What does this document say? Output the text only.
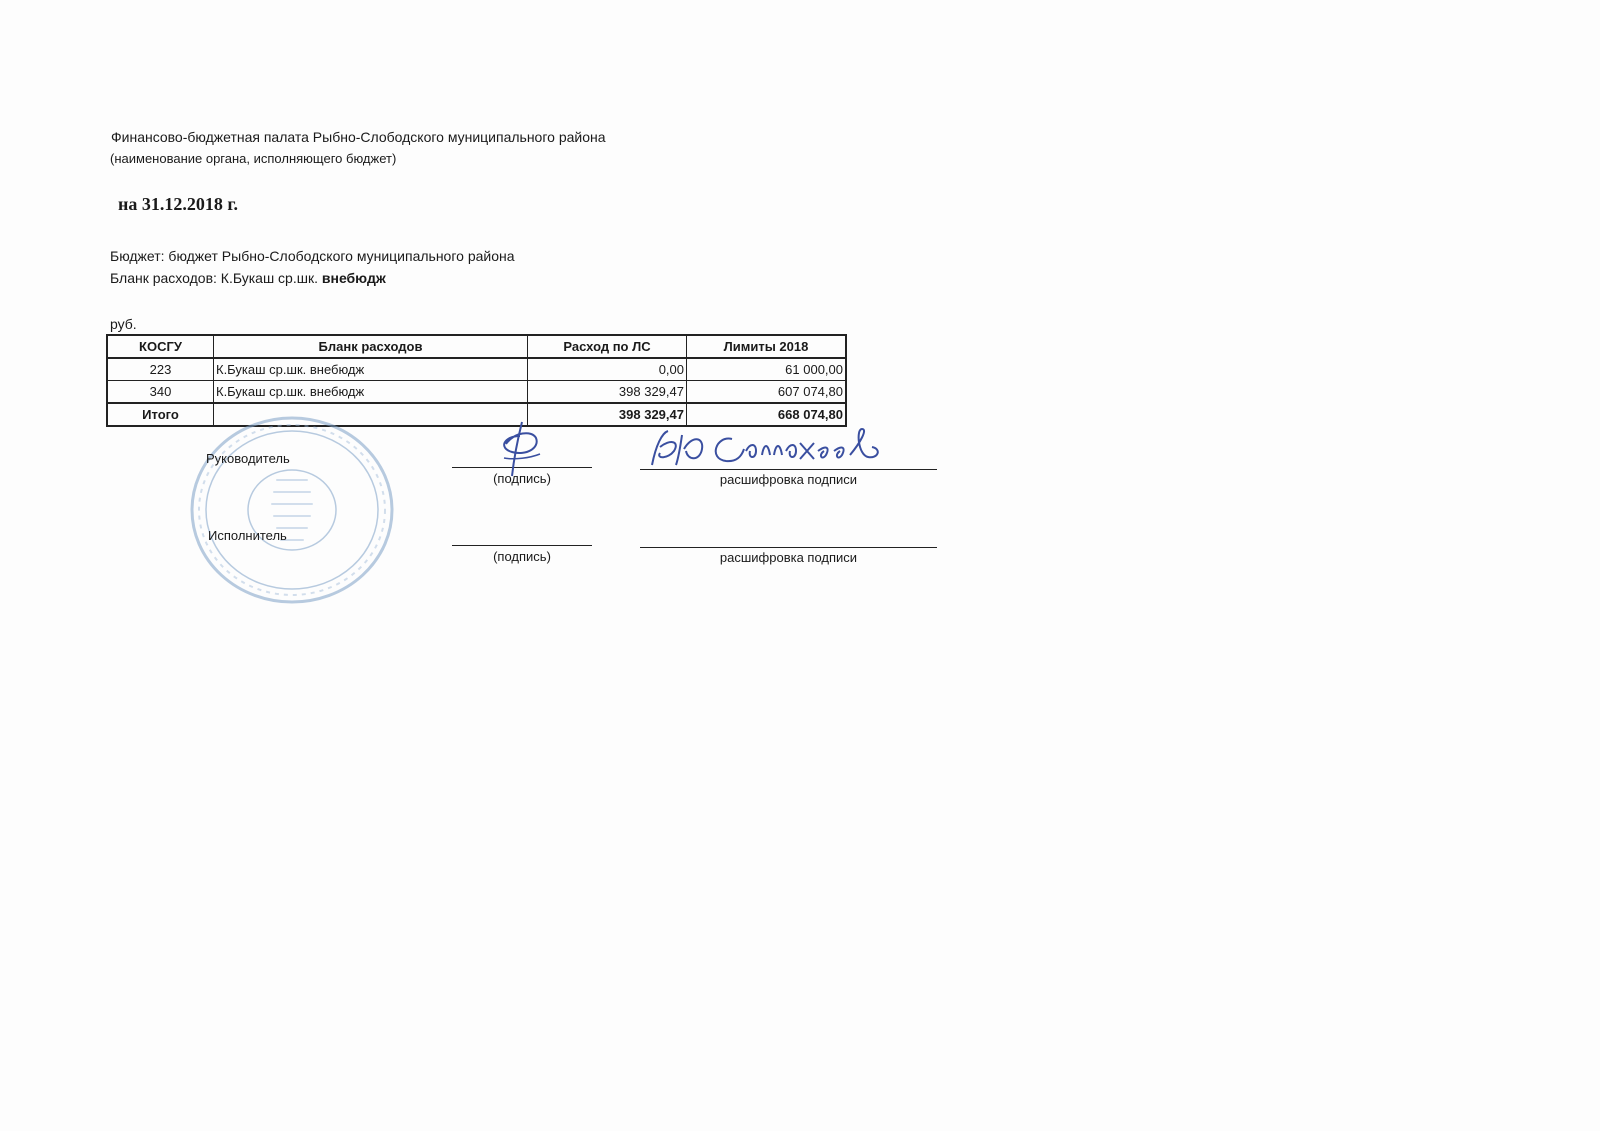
Финансово-бюджетная палата Рыбно-Слободского муниципального района
(наименование органа, исполняющего бюджет)
на 31.12.2018 г.
Бюджет: бюджет Рыбно-Слободского муниципального района
Бланк расходов: К.Букаш ср.шк. внебюдж
руб.
КОСГУ	Бланк расходов	Расход по ЛС	Лимиты 2018
223	К.Букаш ср.шк. внебюдж	0,00	61 000,00
340	К.Букаш ср.шк. внебюдж	398 329,47	607 074,80
Итого		398 329,47	668 074,80
Руководитель
(подпись)	расшифровка подписи
Исполнитель
(подпись)	расшифровка подписи
